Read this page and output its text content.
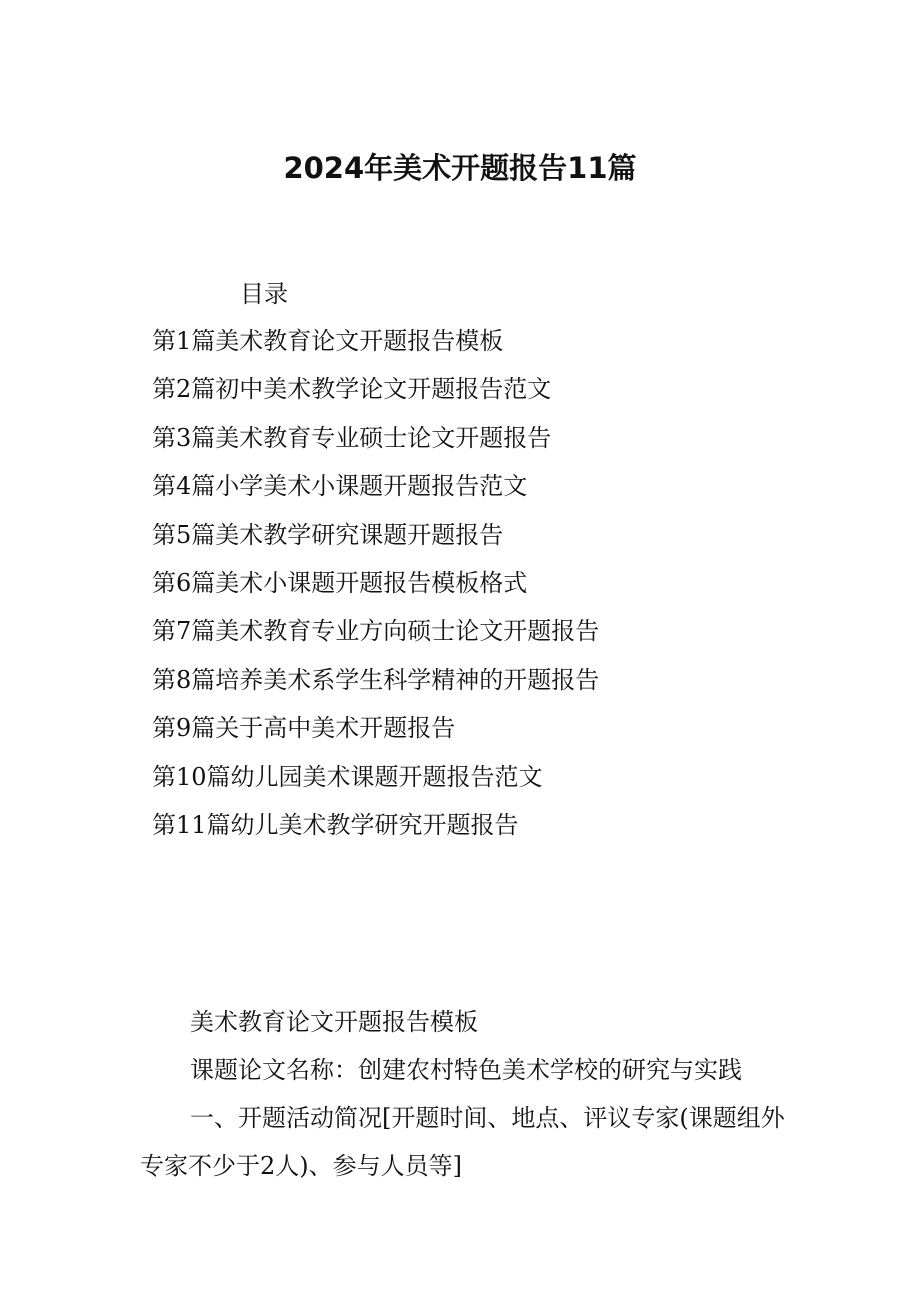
2024年美术开题报告11篇
目录
第1篇美术教育论文开题报告模板
第2篇初中美术教学论文开题报告范文
第3篇美术教育专业硕士论文开题报告
第4篇小学美术小课题开题报告范文
第5篇美术教学研究课题开题报告
第6篇美术小课题开题报告模板格式
第7篇美术教育专业方向硕士论文开题报告
第8篇培养美术系学生科学精神的开题报告
第9篇关于高中美术开题报告
第10篇幼儿园美术课题开题报告范文
第11篇幼儿美术教学研究开题报告

美术教育论文开题报告模板

课题论文名称：创建农村特色美术学校的研究与实践

一、开题活动简况[开题时间、地点、评议专家(课题组外专家不少于2人)、参与人员等]
